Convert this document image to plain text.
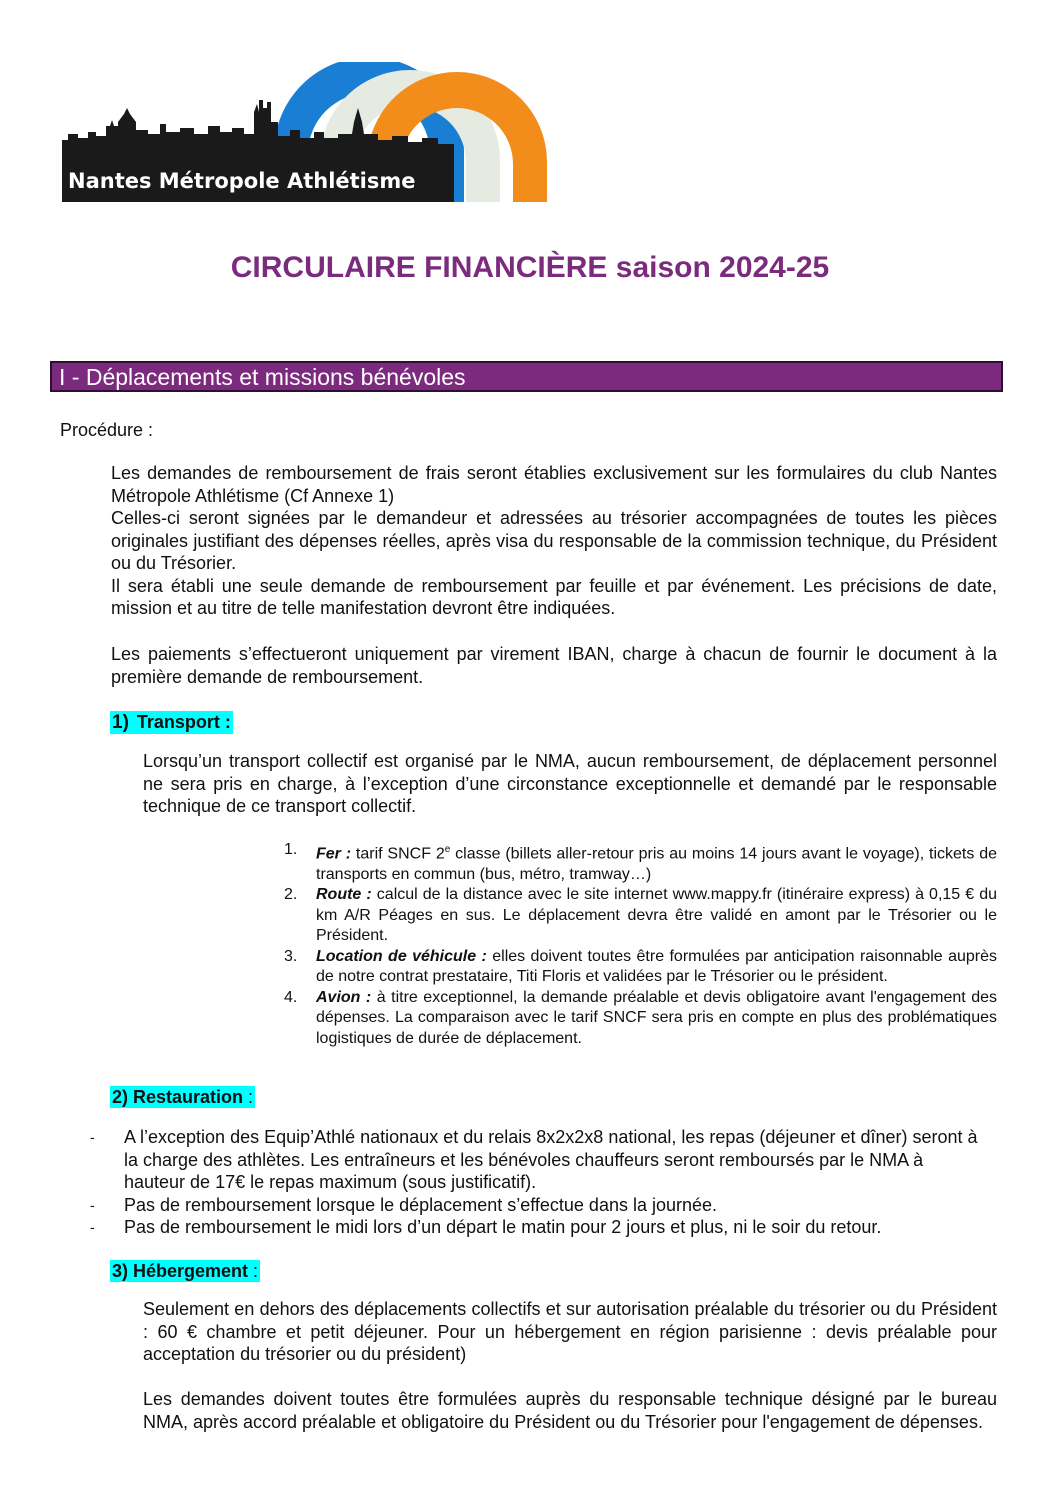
Nantes Métropole Athlétisme
CIRCULAIRE FINANCIÈRE saison 2024-25
I - Déplacements et missions bénévoles

Procédure :

Les demandes de remboursement de frais seront établies exclusivement sur les formulaires du club Nantes Métropole Athlétisme (Cf Annexe 1)

Celles-ci seront signées par le demandeur et adressées au trésorier accompagnées de toutes les pièces originales justifiant des dépenses réelles, après visa du responsable de la commission technique, du Président ou du Trésorier.

Il sera établi une seule demande de remboursement par feuille et par événement. Les précisions de date, mission et au titre de telle manifestation devront être indiquées.

Les paiements s’effectueront uniquement par virement IBAN, charge à chacun de fournir le document à la première demande de remboursement.

1) Transport :

Lorsqu’un transport collectif est organisé par le NMA, aucun remboursement, de déplacement personnel ne sera pris en charge, à l’exception d’une circonstance exceptionnelle et demandé par le responsable technique de ce transport collectif.

1. Fer : tarif SNCF 2e classe (billets aller-retour pris au moins 14 jours avant le voyage), tickets de transports en commun (bus, métro, tramway…)
2. Route : calcul de la distance avec le site internet www.mappy.fr (itinéraire express) à 0,15 € du km A/R Péages en sus. Le déplacement devra être validé en amont par le Trésorier ou le Président.
3. Location de véhicule : elles doivent toutes être formulées par anticipation raisonnable auprès de notre contrat prestataire, Titi Floris et validées par le Trésorier ou le président.
4. Avion : à titre exceptionnel, la demande préalable et devis obligatoire avant l'engagement des dépenses. La comparaison avec le tarif SNCF sera pris en compte en plus des problématiques logistiques de durée de déplacement.
2) Restauration :
- A l’exception des Equip’Athlé nationaux et du relais 8x2x2x8 national, les repas (déjeuner et dîner) seront à la charge des athlètes. Les entraîneurs et les bénévoles chauffeurs seront remboursés par le NMA à hauteur de 17€ le repas maximum (sous justificatif).
- Pas de remboursement lorsque le déplacement s’effectue dans la journée.
- Pas de remboursement le midi lors d’un départ le matin pour 2 jours et plus, ni le soir du retour.
3) Hébergement :

Seulement en dehors des déplacements collectifs et sur autorisation préalable du trésorier ou du Président : 60 € chambre et petit déjeuner. Pour un hébergement en région parisienne : devis préalable pour acceptation du trésorier ou du président)

Les demandes doivent toutes être formulées auprès du responsable technique désigné par le bureau NMA, après accord préalable et obligatoire du Président ou du Trésorier pour l'engagement de dépenses.
